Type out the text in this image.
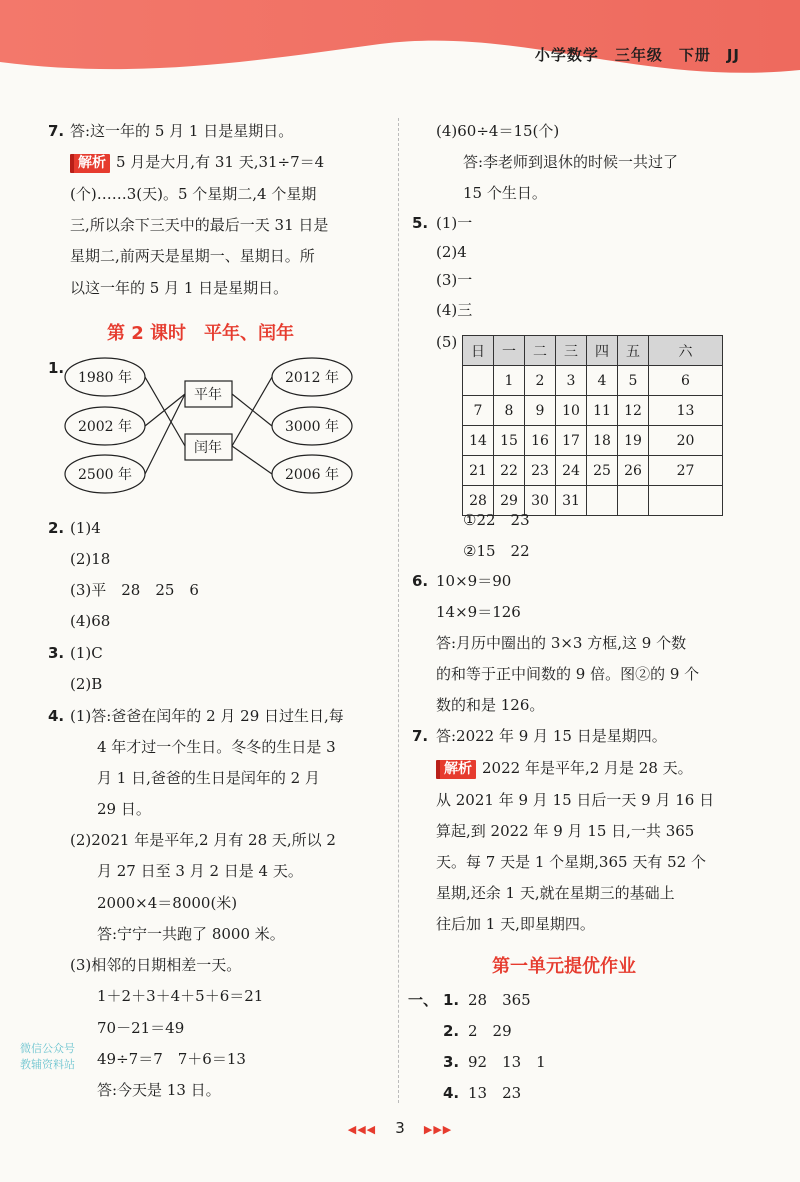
小学数学　三年级　下册　JJ
7. 答:这一年的 5 月 1 日是星期日。
解析 5 月是大月,有 31 天,31÷7＝4
(个)……3(天)。5 个星期二,4 个星期
三,所以余下三天中的最后一天 31 日是
星期二,前两天是星期一、星期日。所
以这一年的 5 月 1 日是星期日。
第 2 课时　平年、闰年
1.
1980 年
2002 年
2500 年
2012 年
3000 年
2006 年
平年
闰年
2. (1)4
(2)18
(3)平　28　25　6
(4)68
3. (1)C
(2)B
4. (1)答:爸爸在闰年的 2 月 29 日过生日,每
4 年才过一个生日。冬冬的生日是 3
月 1 日,爸爸的生日是闰年的 2 月
29 日。
(2)2021 年是平年,2 月有 28 天,所以 2
月 27 日至 3 月 2 日是 4 天。
2000×4＝8000(米)
答:宁宁一共跑了 8000 米。
(3)相邻的日期相差一天。
1＋2＋3＋4＋5＋6＝21
70－21＝49
49÷7＝7　7＋6＝13
答:今天是 13 日。
微信公众号
教辅资料站
(4)60÷4＝15(个)
答:李老师到退休的时候一共过了
15 个生日。
5. (1)一
(2)4
(3)一
(4)三
(5)
日	一	二	三	四	五	六
	1	2	3	4	5	6
7	8	9	10	11	12	13
14	15	16	17	18	19	20
21	22	23	24	25	26	27
28	29	30	31			
①22　23
②15　22
6. 10×9＝90
14×9＝126
答:月历中圈出的 3×3 方框,这 9 个数
的和等于正中间数的 9 倍。图②的 9 个
数的和是 126。
7. 答:2022 年 9 月 15 日是星期四。
解析 2022 年是平年,2 月是 28 天。
从 2021 年 9 月 15 日后一天 9 月 16 日
算起,到 2022 年 9 月 15 日,一共 365
天。每 7 天是 1 个星期,365 天有 52 个
星期,还余 1 天,就在星期三的基础上
往后加 1 天,即星期四。
第一单元提优作业
一、 1. 28　365
2. 2　29
3. 92　13　1
4. 13　23
◀◀◀ 3 ▶▶▶
